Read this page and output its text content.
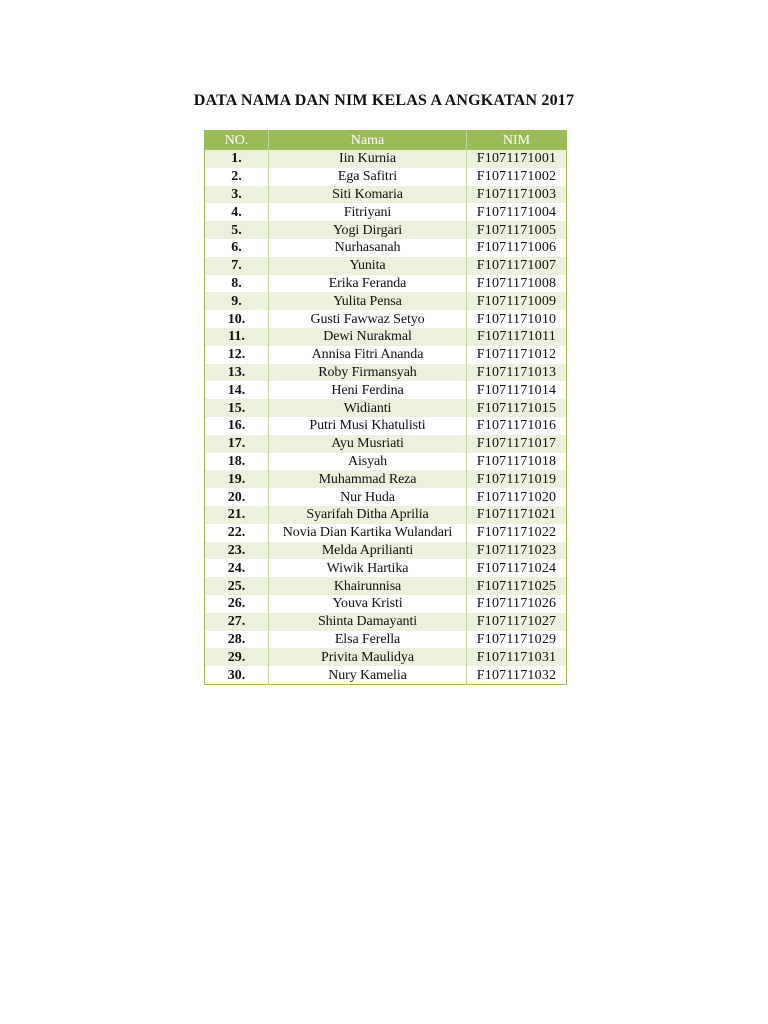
DATA NAMA DAN NIM KELAS A ANGKATAN 2017
NO.	Nama	NIM
1.	Iin Kurnia	F1071171001
2.	Ega Safitri	F1071171002
3.	Siti Komaria	F1071171003
4.	Fitriyani	F1071171004
5.	Yogi Dirgari	F1071171005
6.	Nurhasanah	F1071171006
7.	Yunita	F1071171007
8.	Erika Feranda	F1071171008
9.	Yulita Pensa	F1071171009
10.	Gusti Fawwaz Setyo	F1071171010
11.	Dewi Nurakmal	F1071171011
12.	Annisa Fitri Ananda	F1071171012
13.	Roby Firmansyah	F1071171013
14.	Heni Ferdina	F1071171014
15.	Widianti	F1071171015
16.	Putri Musi Khatulisti	F1071171016
17.	Ayu Musriati	F1071171017
18.	Aisyah	F1071171018
19.	Muhammad Reza	F1071171019
20.	Nur Huda	F1071171020
21.	Syarifah Ditha Aprilia	F1071171021
22.	Novia Dian Kartika Wulandari	F1071171022
23.	Melda Aprilianti	F1071171023
24.	Wiwik Hartika	F1071171024
25.	Khairunnisa	F1071171025
26.	Youva Kristi	F1071171026
27.	Shinta Damayanti	F1071171027
28.	Elsa Ferella	F1071171029
29.	Privita Maulidya	F1071171031
30.	Nury Kamelia	F1071171032
